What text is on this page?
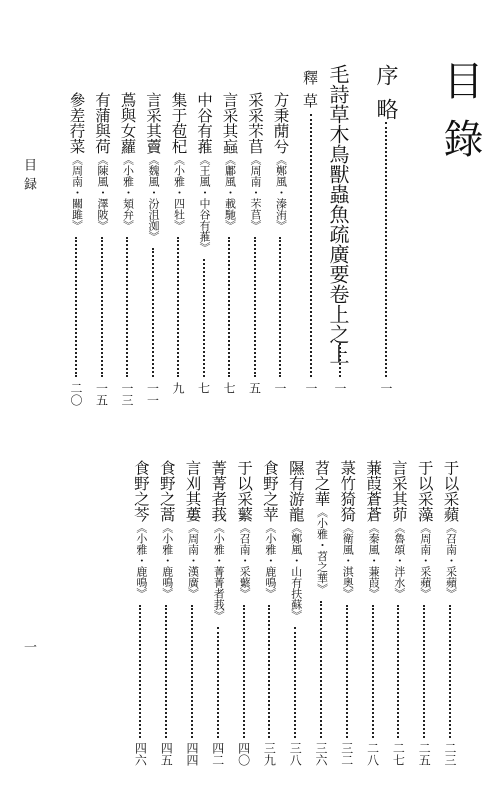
目錄
目録
一
序略
一
毛詩草木鳥獸蟲魚疏廣要卷上之上
一
釋草
一
方秉蕑兮《鄭風・溱洧》
一
采采芣苢《周南・芣苢》
五
言采其蝱《鄘風・載馳》
七
中谷有蓷《王風・中谷有蓷》
七
集于苞杞《小雅・四牡》
九
言采其藚《魏風・汾沮洳》
一一
蔦與女蘿《小雅・頍弁》
一三
有蒲與荷《陳風・澤陂》
一五
參差荇菜《周南・關雎》
二〇
于以采蘋《召南・采蘋》
二三
于以采藻《周南・采蘋》
二五
言采其茆《魯頌・泮水》
二七
蒹葭蒼蒼《秦風・蒹葭》
二八
菉竹猗猗《衛風・淇奧》
三二
苕之華《小雅・苕之華》
三六
隰有游龍《鄭風・山有扶蘇》
三八
食野之苹《小雅・鹿鳴》
三九
于以采蘩《召南・采蘩》
四〇
菁菁者莪《小雅・菁菁者莪》
四二
言刈其蔞《周南・漢廣》
四四
食野之蒿《小雅・鹿鳴》
四五
食野之芩《小雅・鹿鳴》
四六
